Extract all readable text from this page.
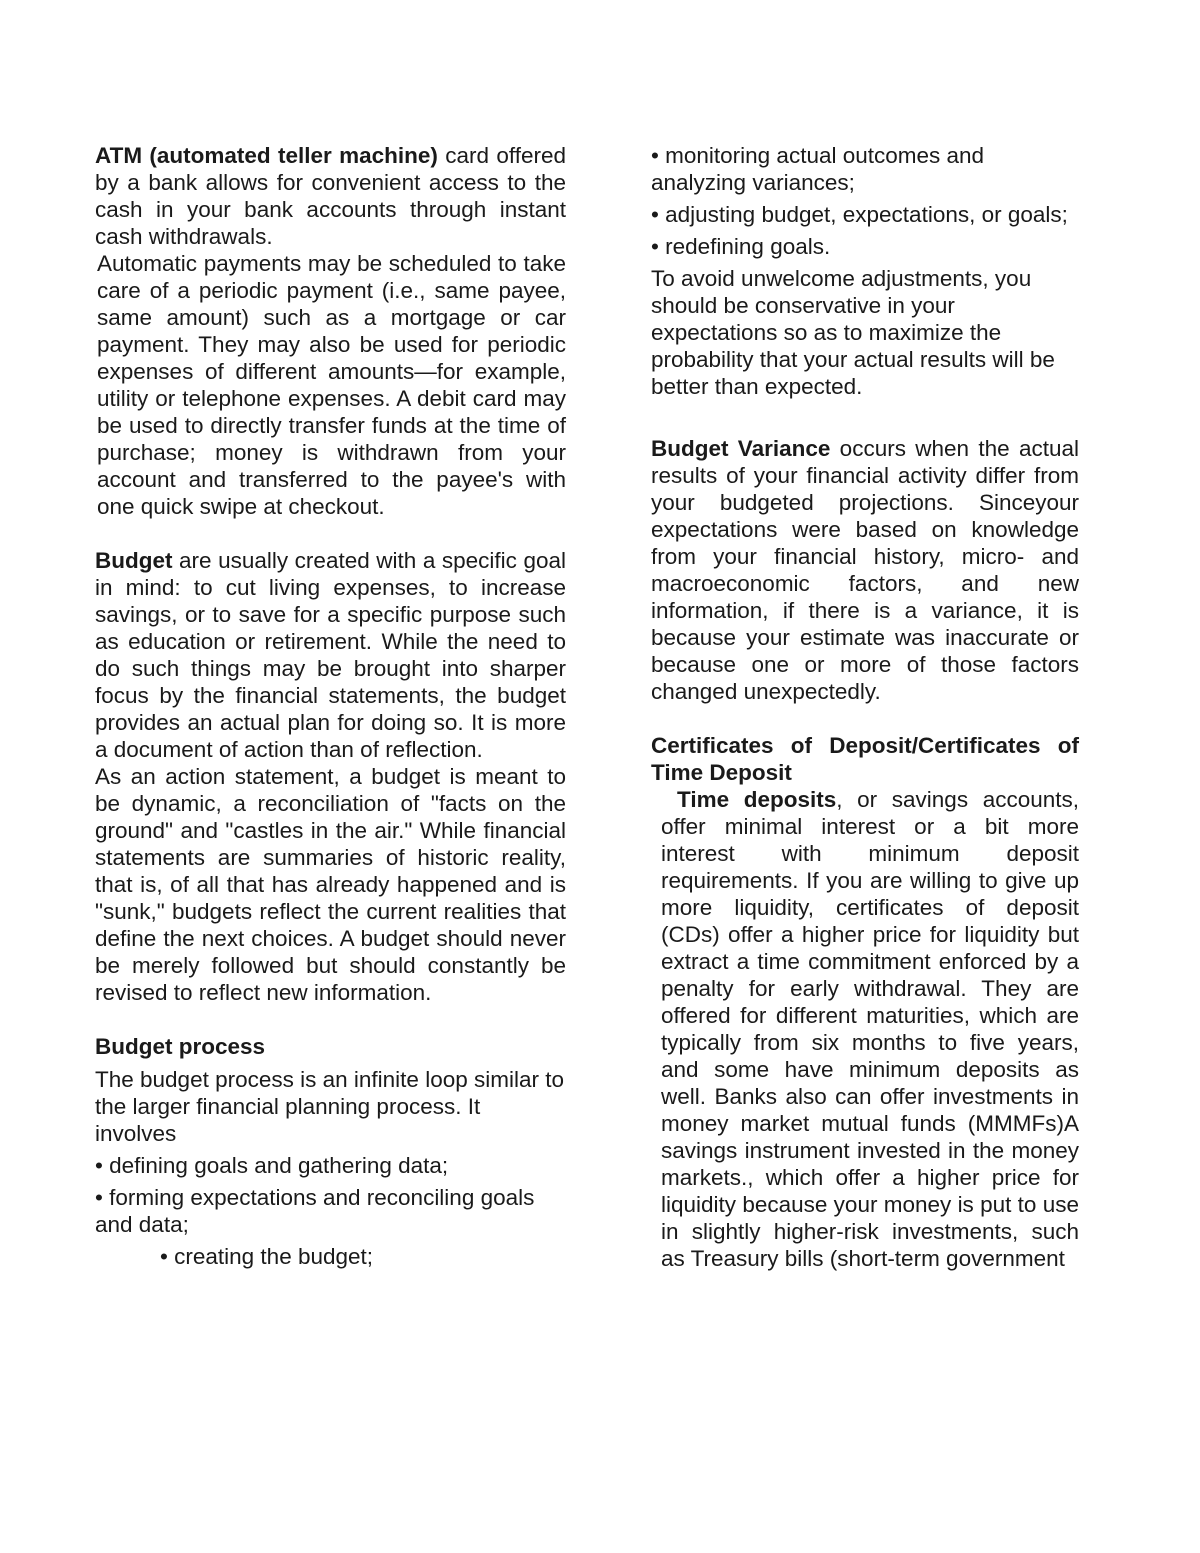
ATM (automated teller machine) card offered by a bank allows for convenient access to the cash in your bank accounts through instant cash withdrawals.

Automatic payments may be scheduled to take care of a periodic payment (i.e., same payee, same amount) such as a mortgage or car payment. They may also be used for periodic expenses of different amounts—for example, utility or telephone expenses. A debit card may be used to directly transfer funds at the time of purchase; money is withdrawn from your account and transferred to the payee's with one quick swipe at checkout.

Budget are usually created with a specific goal in mind: to cut living expenses, to increase savings, or to save for a specific purpose such as education or retirement. While the need to do such things may be brought into sharper focus by the financial statements, the budget provides an actual plan for doing so. It is more a document of action than of reflection.

As an action statement, a budget is meant to be dynamic, a reconciliation of "facts on the ground" and "castles in the air." While financial statements are summaries of historic reality, that is, of all that has already happened and is "sunk," budgets reflect the current realities that define the next choices. A budget should never be merely followed but should constantly be revised to reflect new information.

Budget process

The budget process is an infinite loop similar to the larger financial planning process. It involves

• defining goals and gathering data;

• forming expectations and reconciling goals and data;

• creating the budget;

• monitoring actual outcomes and analyzing variances;

• adjusting budget, expectations, or goals;

• redefining goals.

To avoid unwelcome adjustments, you should be conservative in your expectations so as to maximize the probability that your actual results will be better than expected.

Budget Variance occurs when the actual results of your financial activity differ from your budgeted projections. Sinceyour expectations were based on knowledge from your financial history, micro- and macroeconomic factors, and new information, if there is a variance, it is because your estimate was inaccurate or because one or more of those factors changed unexpectedly.

Certificates of Deposit/Certificates of Time Deposit

Time deposits, or savings accounts, offer minimal interest or a bit more interest with minimum deposit requirements. If you are willing to give up more liquidity, certificates of deposit (CDs) offer a higher price for liquidity but extract a time commitment enforced by a penalty for early withdrawal. They are offered for different maturities, which are typically from six months to five years, and some have minimum deposits as well. Banks also can offer investments in money market mutual funds (MMMFs)A savings instrument invested in the money markets., which offer a higher price for liquidity because your money is put to use in slightly higher-risk investments, such as Treasury bills (short-term government
